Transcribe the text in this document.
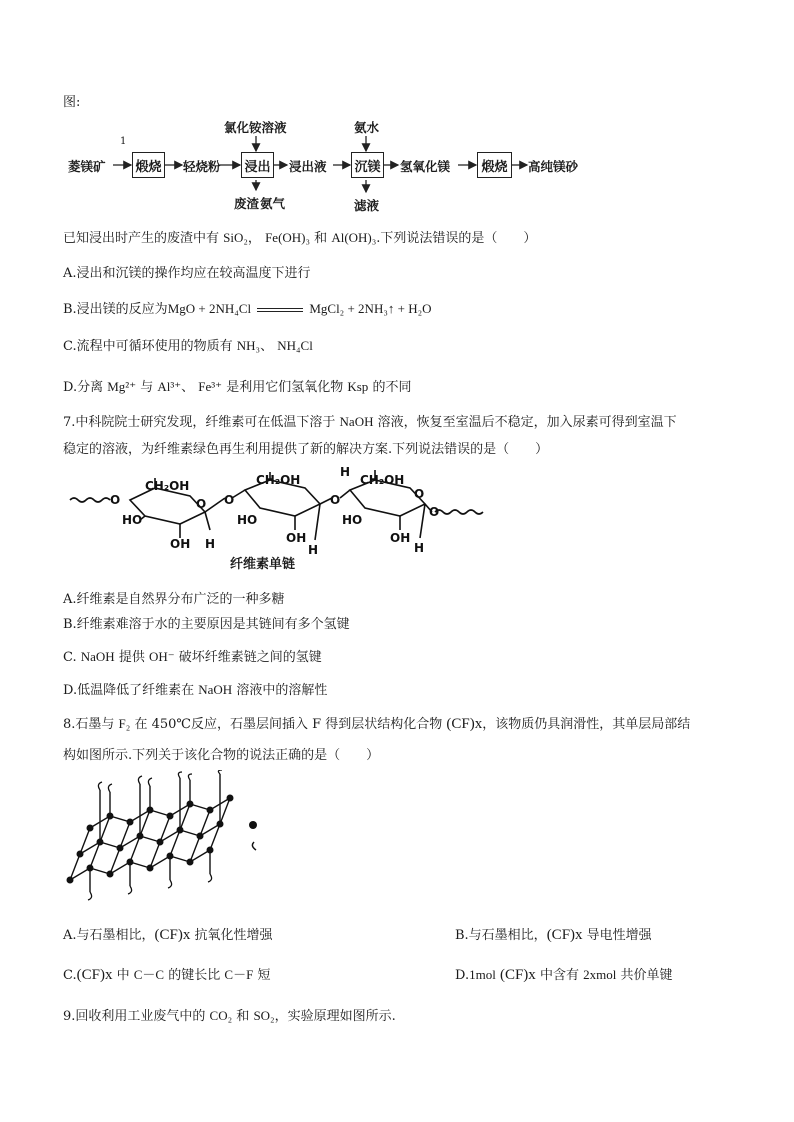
图:
菱镁矿
1
煅烧 轻烧粉
氯化铵溶液
浸出
废渣 氨气
浸出液
氨水
沉镁
滤液
氢氧化镁	煅烧	高纯镁砂
已知浸出时产生的废渣中有 SiO₂， Fe(OH)₃ 和 Al(OH)₃.下列说法错误的是（　　）
A.浸出和沉镁的操作均应在较高温度下进行
B.浸出镁的反应为MgO + 2NH₄Cl	MgCl₂ + 2NH₃↑ + H₂O
C.流程中可循环使用的物质有 NH₃、 NH₄Cl
D.分离 Mg²⁺ 与 Al³⁺、 Fe³⁺ 是利用它们氢氧化物 Ksp 的不同
7.中科院院士研究发现，纤维素可在低温下溶于 NaOH 溶液，恢复至室温后不稳定，加入尿素可得到室温下
稳定的溶液，为纤维素绿色再生利用提供了新的解决方案.下列说法错误的是（　　）
O
CH₂OH
HO
OH
O
H
O
CH₂OH
HO
OH
H
O
H
CH₂OH
HO
OH
O
H
O
纤维素单链
A.纤维素是自然界分布广泛的一种多糖
B.纤维素难溶于水的主要原因是其链间有多个氢键
C. NaOH 提供 OH⁻ 破坏纤维素链之间的氢键
D.低温降低了纤维素在 NaOH 溶液中的溶解性
8.石墨与 F₂ 在 450℃反应，石墨层间插入 F 得到层状结构化合物 (CF)x，该物质仍具润滑性，其单层局部结
构如图所示.下列关于该化合物的说法正确的是（　　）
A.与石墨相比，(CF)x 抗氧化性增强	B.与石墨相比，(CF)x 导电性增强
C.(CF)x 中 C－C 的键长比 C－F 短	D.1mol (CF)x 中含有 2xmol 共价单键
9.回收利用工业废气中的 CO₂ 和 SO₂，实验原理如图所示.
